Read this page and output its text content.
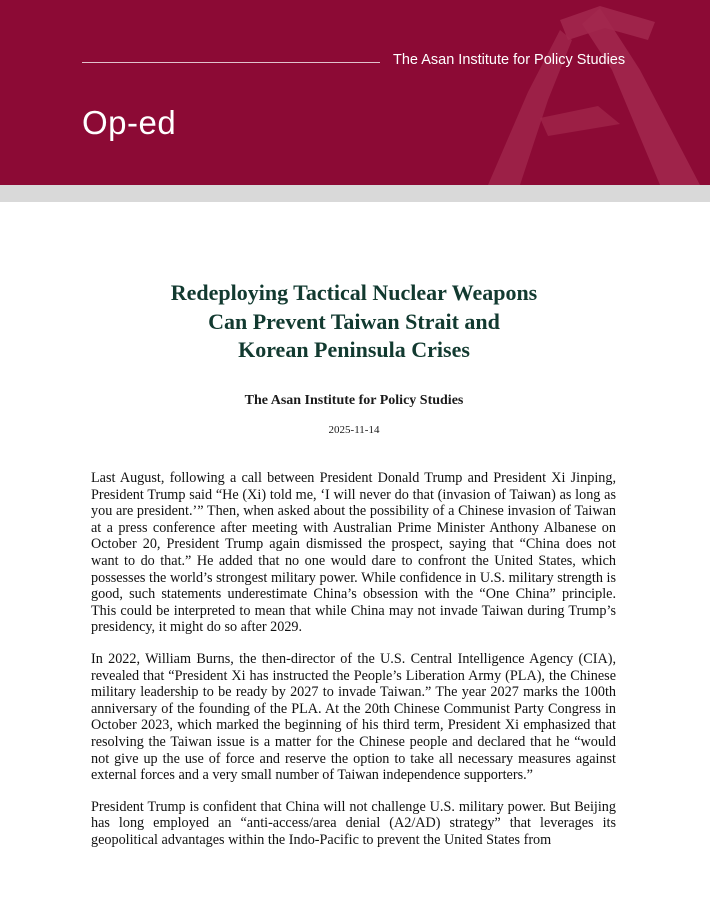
The Asan Institute for Policy Studies
Op-ed
Redeploying Tactical Nuclear Weapons
Can Prevent Taiwan Strait and
Korean Peninsula Crises
The Asan Institute for Policy Studies
2025-11-14

Last August, following a call between President Donald Trump and President Xi Jinping, President Trump said “He (Xi) told me, ‘I will never do that (invasion of Taiwan) as long as you are president.’” Then, when asked about the possibility of a Chinese invasion of Taiwan at a press conference after meeting with Australian Prime Minister Anthony Albanese on October 20, President Trump again dismissed the prospect, saying that “China does not want to do that.” He added that no one would dare to confront the United States, which possesses the world’s strongest military power. While confidence in U.S. military strength is good, such statements underestimate China’s obsession with the “One China” principle. This could be interpreted to mean that while China may not invade Taiwan during Trump’s presidency, it might do so after 2029.

In 2022, William Burns, the then-director of the U.S. Central Intelligence Agency (CIA), revealed that “President Xi has instructed the People’s Liberation Army (PLA), the Chinese military leadership to be ready by 2027 to invade Taiwan.” The year 2027 marks the 100th anniversary of the founding of the PLA. At the 20th Chinese Communist Party Congress in October 2023, which marked the beginning of his third term, President Xi emphasized that resolving the Taiwan issue is a matter for the Chinese people and declared that he “would not give up the use of force and reserve the option to take all necessary measures against external forces and a very small number of Taiwan independence supporters.”

President Trump is confident that China will not challenge U.S. military power. But Beijing has long employed an “anti-access/area denial (A2/AD) strategy” that leverages its geopolitical advantages within the Indo-Pacific to prevent the United States from
